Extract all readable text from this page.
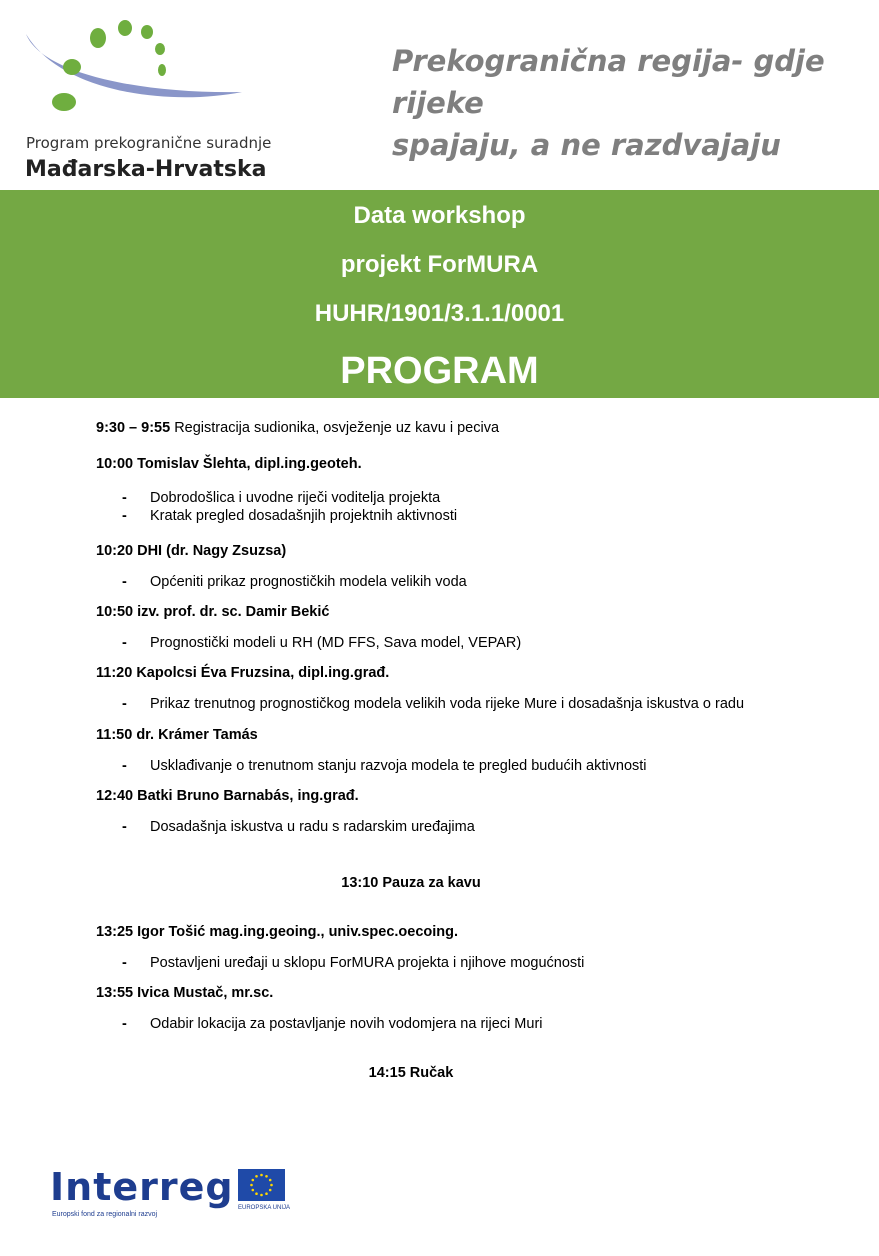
Program prekograničnе suradnje
Mađarska-Hrvatska
Prekogranična regija- gdje rijeke
spajaju, a ne razdvajaju
Data workshop
projekt ForMURA
HUHR/1901/3.1.1/0001
PROGRAM
9:30 – 9:55 Registracija sudionika, osvježenje uz kavu i peciva
10:00 Tomislav Šlehta, dipl.ing.geoteh.
- Dobrodošlica i uvodne riječi voditelja projekta
- Kratak pregled dosadašnjih projektnih aktivnosti
10:20 DHI (dr. Nagy Zsuzsa)
- Općeniti prikaz prognostičkih modela velikih voda
10:50 izv. prof. dr. sc. Damir Bekić
- Prognostički modeli u RH (MD FFS, Sava model, VEPAR)
11:20 Kapolcsi Éva Fruzsina, dipl.ing.građ.
- Prikaz trenutnog prognostičkog modela velikih voda rijeke Mure i dosadašnja iskustva o radu
11:50 dr. Krámer Tamás
- Usklađivanje o trenutnom stanju razvoja modela te pregled budućih aktivnosti
12:40 Batki Bruno Barnabás, ing.građ.
- Dosadašnja iskustva u radu s radarskim uređajima
13:10 Pauza za kavu
13:25 Igor Tošić mag.ing.geoing., univ.spec.oecoing.
- Postavljeni uređaji u sklopu ForMURA projekta i njihove mogućnosti
13:55 Ivica Mustač, mr.sc.
- Odabir lokacija za postavljanje novih vodomjera na rijeci Muri
14:15 Ručak
Interreg
Europski fond za regionalni razvoj
EUROPSKA UNIJA
